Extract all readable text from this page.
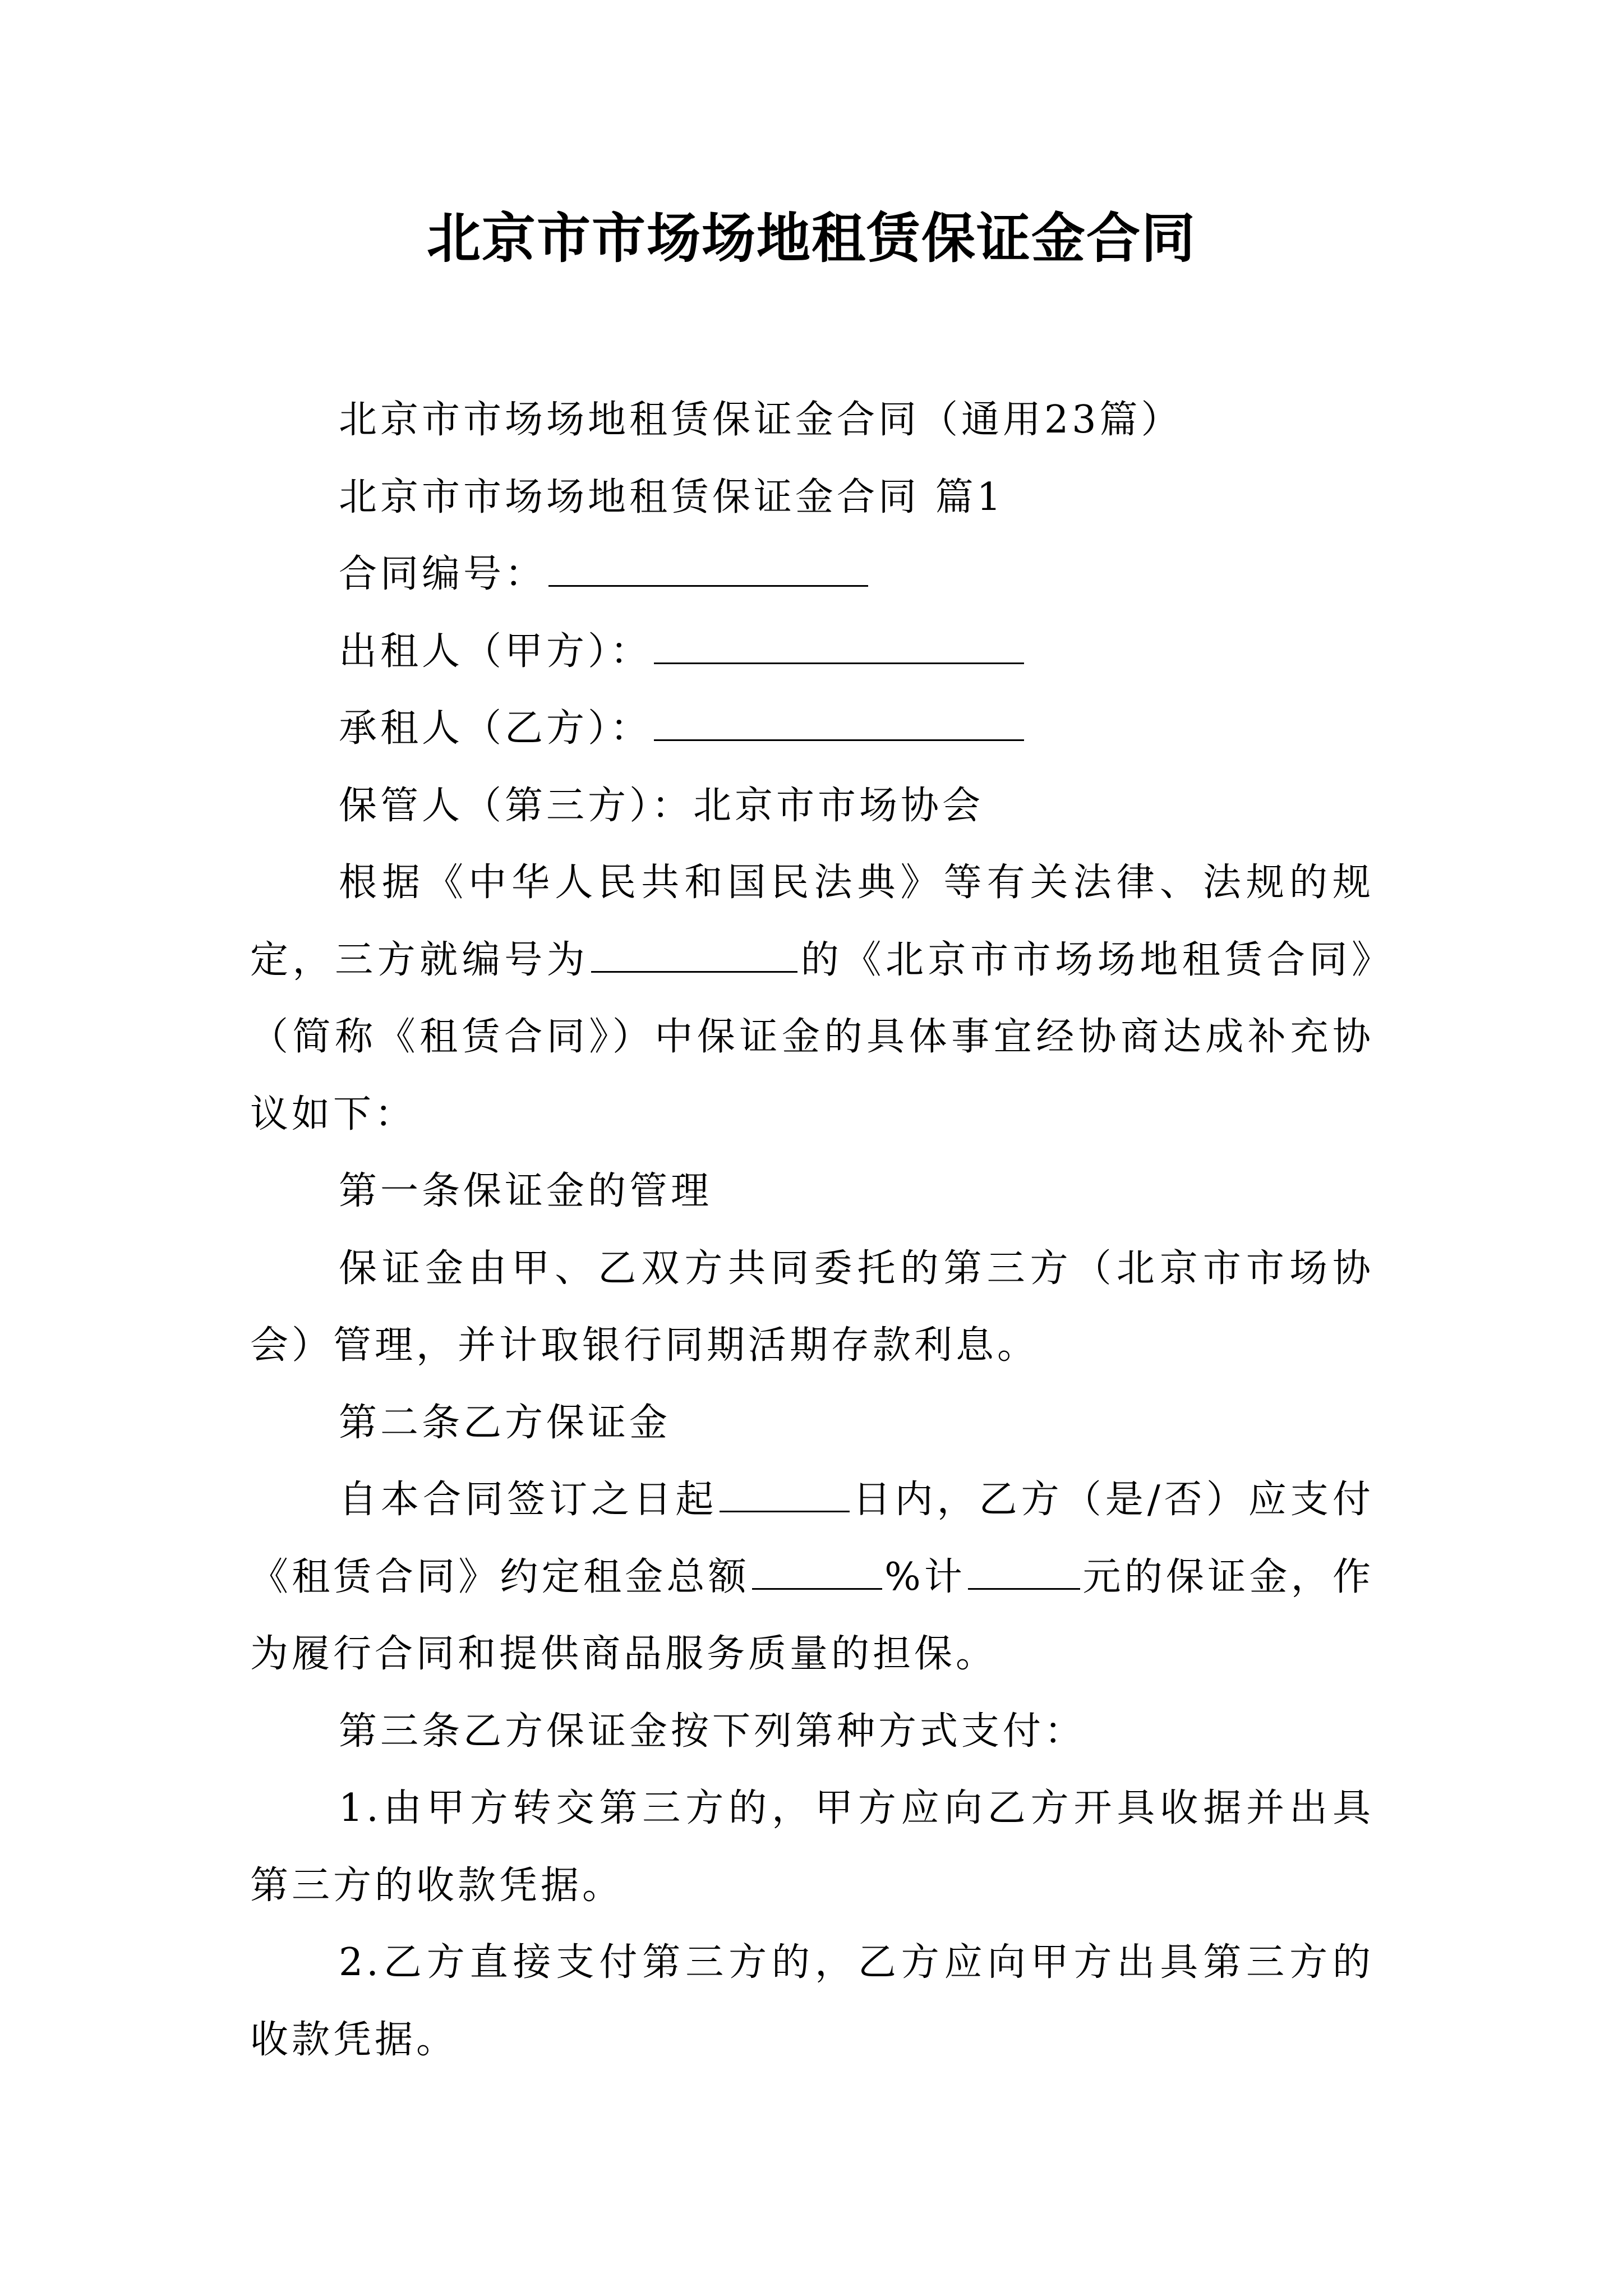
北京市市场场地租赁保证金合同

北京市市场场地租赁保证金合同（通用23篇）

北京市市场场地租赁保证金合同 篇1

合同编号：

出租人（甲方）：

承租人（乙方）：

保管人（第三方）：北京市市场协会

根据《中华人民共和国民法典》等有关法律、法规的规定，三方就编号为	的《北京市市场场地租赁合同》（简称《租赁合同》）中保证金的具体事宜经协商达成补充协议如下：

第一条保证金的管理

保证金由甲、乙双方共同委托的第三方（北京市市场协会）管理，并计取银行同期活期存款利息。

第二条乙方保证金

自本合同签订之日起	日内，乙方（是/否）应支付《租赁合同》约定租金总额	%计	元的保证金，作为履行合同和提供商品服务质量的担保。

第三条乙方保证金按下列第种方式支付：

1.由甲方转交第三方的，甲方应向乙方开具收据并出具第三方的收款凭据。

2.乙方直接支付第三方的，乙方应向甲方出具第三方的收款凭据。
